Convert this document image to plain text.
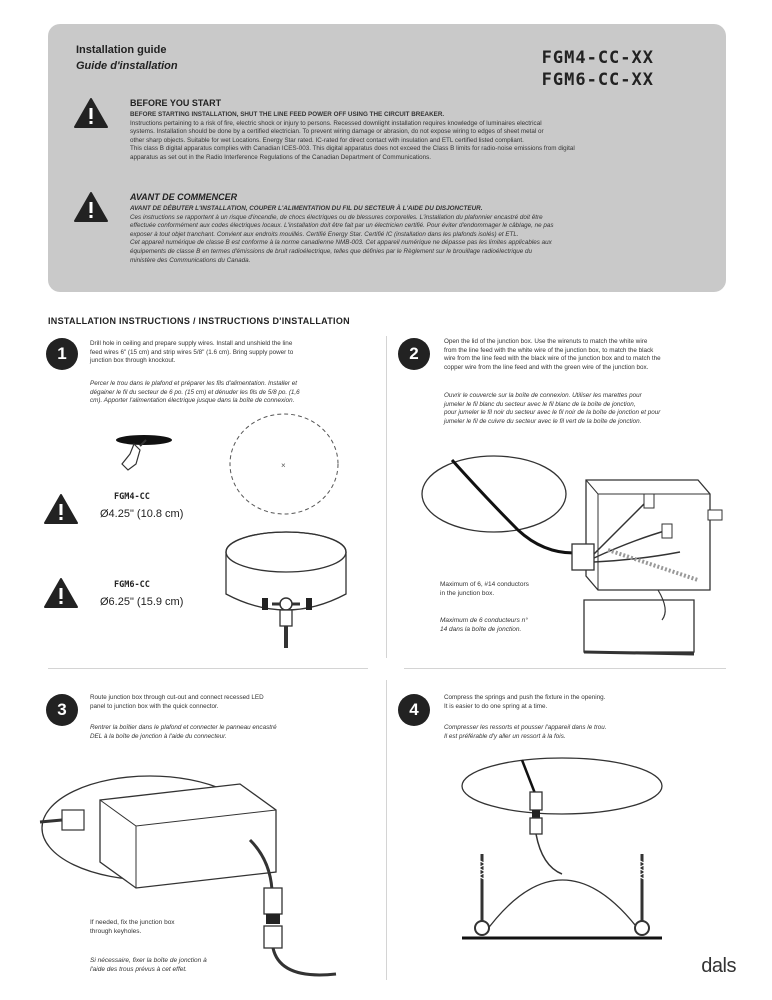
Installation guide
Guide d'installation	FGM4-CC-XX
FGM6-CC-XX
BEFORE YOU START
BEFORE STARTING INSTALLATION, SHUT THE LINE FEED POWER OFF USING THE CIRCUIT BREAKER.
Instructions pertaining to a risk of fire, electric shock or injury to persons. Recessed downlight installation requires knowledge of luminaires electrical
systems. Installation should be done by a certified electrician. To prevent wiring damage or abrasion, do not expose wiring to edges of sheet metal or
other sharp objects. Suitable for wet Locations. Energy Star rated. IC-rated for direct contact with insulation and ETL certified listed compliant.
This class B digital apparatus complies with Canadian ICES-003. This digital apparatus does not exceed the Class B limits for radio-noise emissions from digital
apparatus as set out in the Radio Interference Regulations of the Canadian Department of Communications.
AVANT DE COMMENCER
AVANT DE DÉBUTER L'INSTALLATION, COUPER L'ALIMENTATION DU FIL DU SECTEUR À L'AIDE DU DISJONCTEUR.
Ces instructions se rapportent à un risque d'incendie, de chocs électriques ou de blessures corporelles. L'installation du plafonnier encastré doit être
effectuée conformément aux codes électriques locaux. L'installation doit être fait par un électricien certifié. Pour éviter d'endommager le câblage, ne pas
exposer à tout objet tranchant. Convient aux endroits mouillés. Certifié Energy Star. Certifié IC (installation dans les plafonds isolés) et ETL.
Cet appareil numérique de classe B est conforme à la norme canadienne NMB-003. Cet appareil numérique ne dépasse pas les limites applicables aux
équipements de classe B en termes d'émissions de bruit radioélectrique, telles que définies par le Règlement sur le brouillage radioélectrique du
ministère des Communications du Canada.
INSTALLATION INSTRUCTIONS / INSTRUCTIONS D'INSTALLATION
1
Drill hole in ceiling and prepare supply wires. Install and unshield the line
feed wires 6" (15 cm) and strip wires 5/8" (1.6 cm). Bring supply power to
junction box through knockout.
Percer le trou dans le plafond et préparer les fils d'alimentation. Installer et
dégainer le fil du secteur de 6 po. (15 cm) et dénuder les fils de 5/8 po. (1,6
cm). Apporter l'alimentation électrique jusque dans la boîte de connexion.
×
FGM4-CC
Ø4.25" (10.8 cm)
FGM6-CC
Ø6.25" (15.9 cm)
2
Open the lid of the junction box. Use the wirenuts to match the white wire
from the line feed with the white wire of the junction box, to match the black
wire from the line feed with the black wire of the junction box and to match the
copper wire from the line feed and with the green wire of the junction box.
Ouvrir le couvercle sur la boîte de connexion. Utiliser les marettes pour
jumeler le fil blanc du secteur avec le fil blanc de la boîte de jonction,
pour jumeler le fil noir du secteur avec le fil noir de la boîte de jonction et pour
jumeler le fil de cuivre du secteur avec le fil vert de la boîte de jonction.
Maximum of 6, #14 conductors
in the junction box.
Maximum de 6 conducteurs n°
14 dans la boîte de jonction.
3
Route junction box through cut-out and connect recessed LED
panel to junction box with the quick connector.
Rentrer la boîtier dans le plafond et connecter le panneau encastré
DEL à la boîte de jonction à l'aide du connecteur.
If needed, fix the junction box
through keyholes.
Si nécessaire, fixer la boîte de jonction à
l'aide des trous prévus à cet effet.
4
Compress the springs and push the fixture in the opening.
It is easier to do one spring at a time.
Compresser les ressorts et pousser l'appareil dans le trou.
Il est préférable d'y aller un ressort à la fois.
dals
